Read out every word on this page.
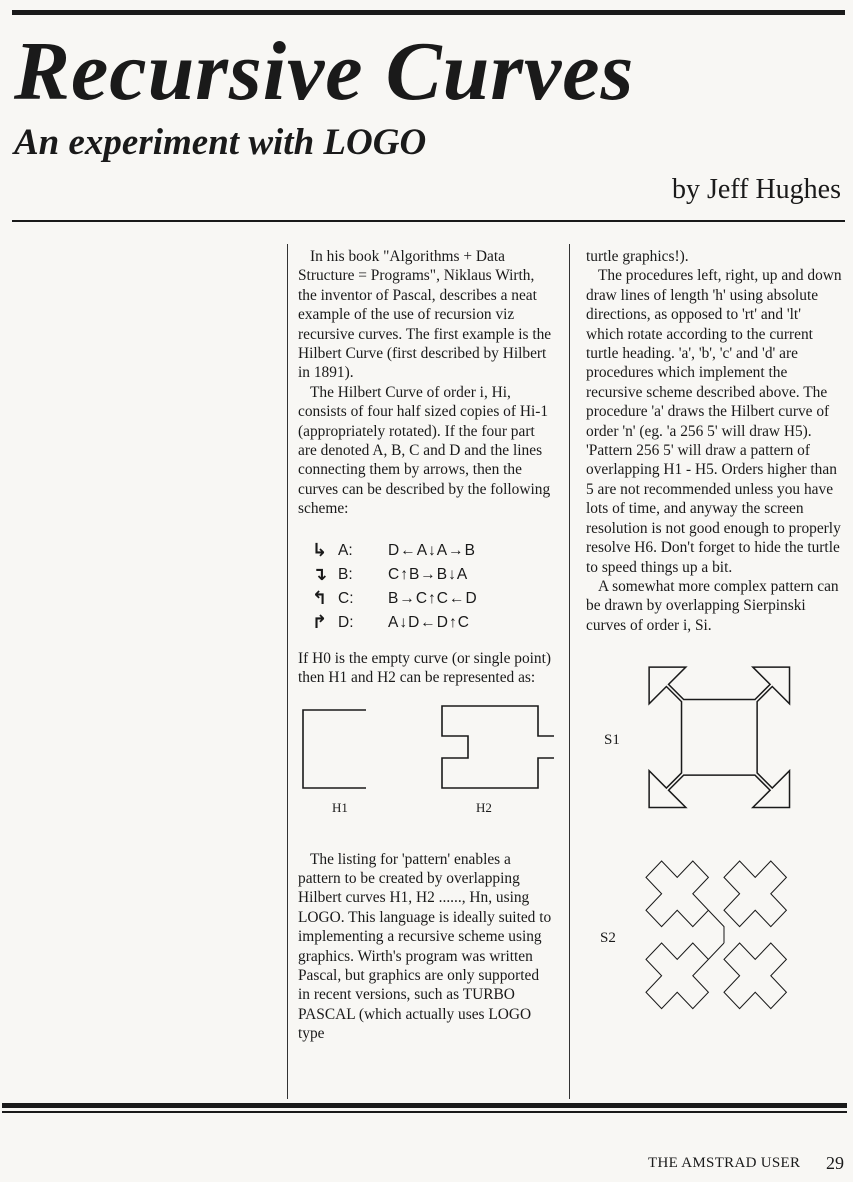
Recursive Curves
An experiment with LOGO
by Jeff Hughes

In his book "Algorithms + Data Structure = Programs", Niklaus Wirth, the inventor of Pascal, describes a neat example of the use of recursion viz recursive curves. The first example is the Hilbert Curve (first described by Hilbert in 1891).

The Hilbert Curve of order i, Hi, consists of four half sized copies of Hi-1 (appropriately rotated). If the four part are denoted A, B, C and D and the lines connecting them by arrows, then the curves can be described by the following scheme:

↳ A:	D←A↓A→B
↴ B:	C↑B→B↓A
↰ C:	B→C↑C←D
↱ D:	A↓D←D↑C

If H0 is the empty curve (or single point) then H1 and H2 can be represented as:

H1	H2

The listing for 'pattern' enables a pattern to be created by overlapping Hilbert curves H1, H2 ......, Hn, using LOGO. This language is ideally suited to implementing a recursive scheme using graphics. Wirth's program was written Pascal, but graphics are only supported in recent versions, such as TURBO PASCAL (which actually uses LOGO type

turtle graphics!).

The procedures left, right, up and down draw lines of length 'h' using absolute directions, as opposed to 'rt' and 'lt' which rotate according to the current turtle heading. 'a', 'b', 'c' and 'd' are procedures which implement the recursive scheme described above. The procedure 'a' draws the Hilbert curve of order 'n' (eg. 'a 256 5' will draw H5). 'Pattern 256 5' will draw a pattern of overlapping H1 - H5. Orders higher than 5 are not recommended unless you have lots of time, and anyway the screen resolution is not good enough to properly resolve H6. Don't forget to hide the turtle to speed things up a bit.

A somewhat more complex pattern can be drawn by overlapping Sierpinski curves of order i, Si.

S1
S2
THE AMSTRAD USER 29
